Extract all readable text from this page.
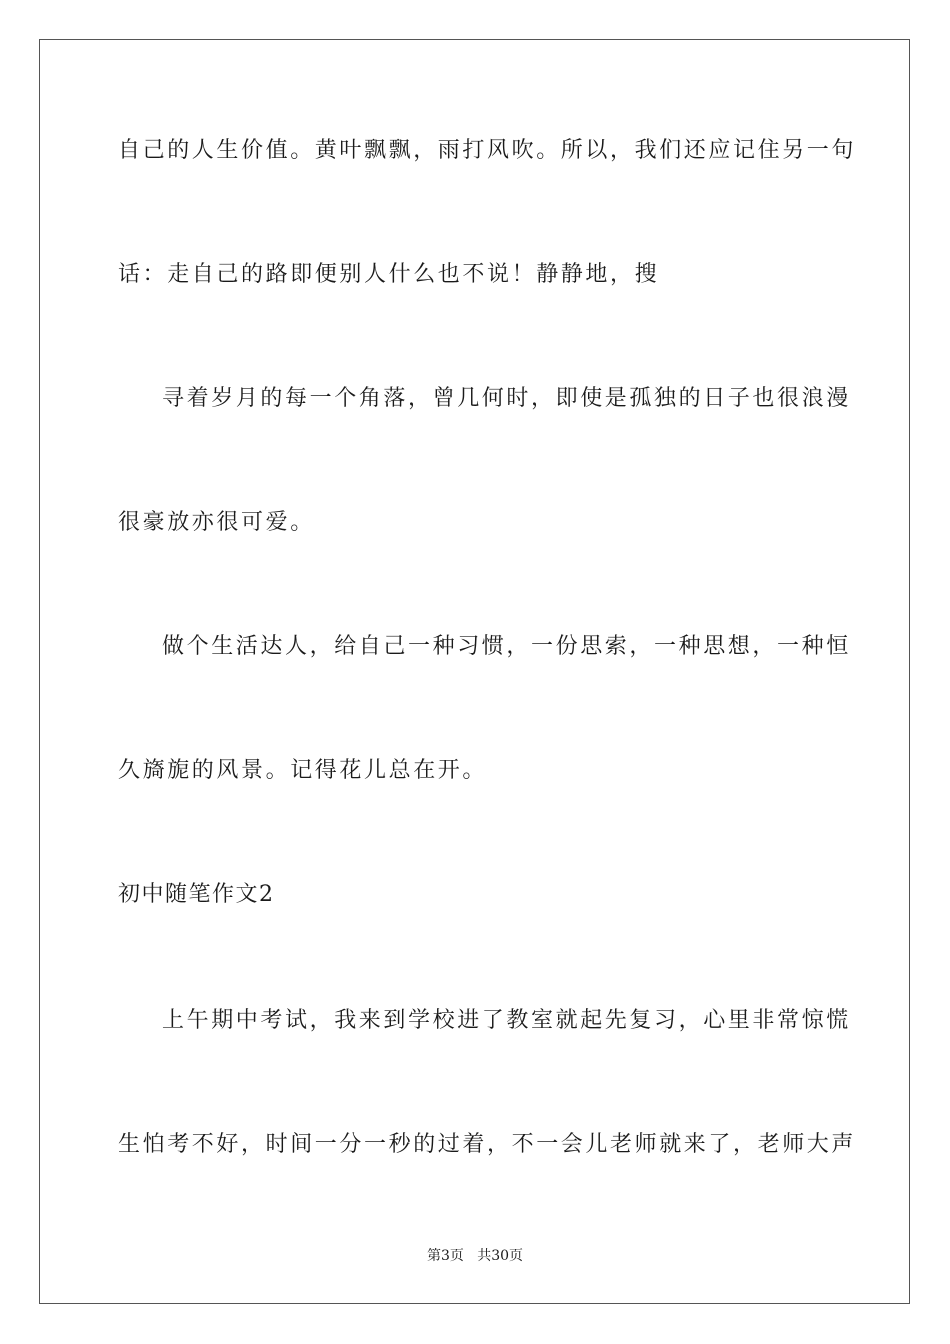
自己的人生价值。黄叶飘飘，雨打风吹。所以，我们还应记住另一句
话：走自己的路即便别人什么也不说！静静地，搜
寻着岁月的每一个角落，曾几何时，即使是孤独的日子也很浪漫
很豪放亦很可爱。
做个生活达人，给自己一种习惯，一份思索，一种思想，一种恒
久旖旎的风景。记得花儿总在开。
初中随笔作文2
上午期中考试，我来到学校进了教室就起先复习，心里非常惊慌
生怕考不好，时间一分一秒的过着，不一会儿老师就来了，老师大声
第3页   共30页
